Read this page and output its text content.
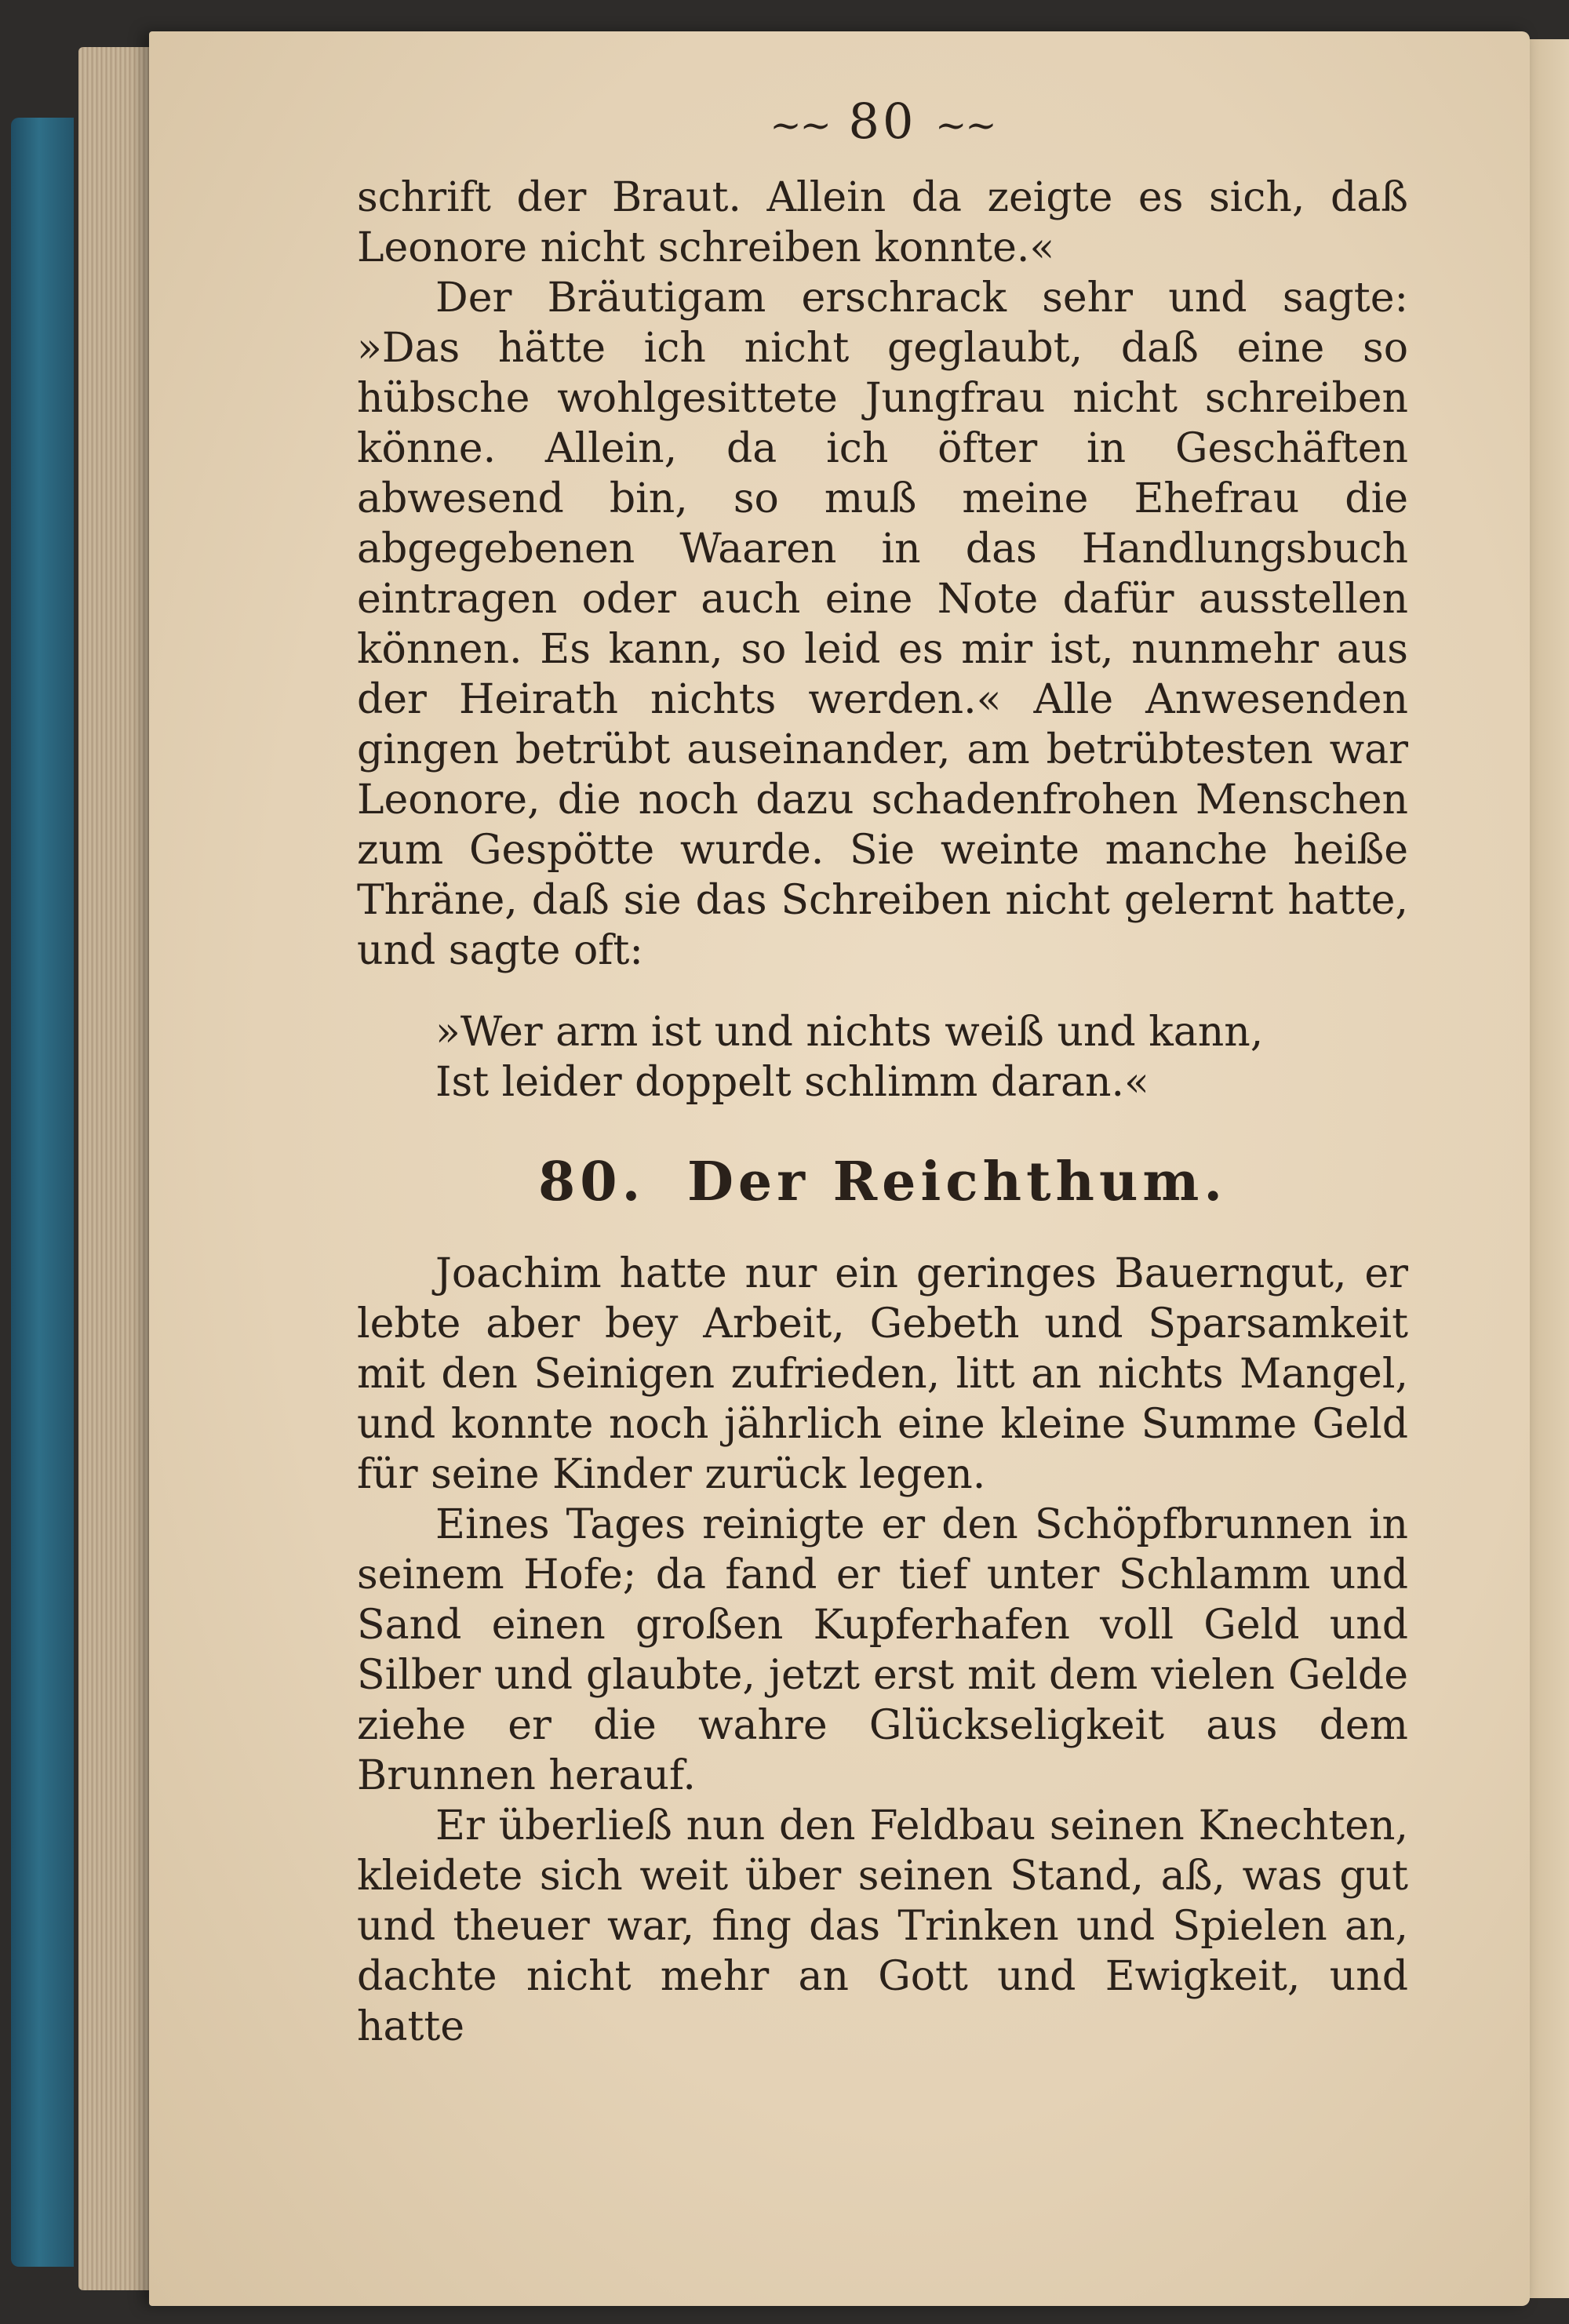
~~ 80 ~~

schrift der Braut. Allein da zeigte es sich, daß Leonore nicht schreiben konnte.«

Der Bräutigam erschrack sehr und sagte: »Das hätte ich nicht geglaubt, daß eine so hübsche wohlgesittete Jungfrau nicht schreiben könne. Allein, da ich öfter in Geschäften abwesend bin, so muß meine Ehefrau die abgegebenen Waaren in das Handlungsbuch eintragen oder auch eine Note dafür ausstellen können. Es kann, so leid es mir ist, nunmehr aus der Heirath nichts werden.« Alle Anwesenden gingen betrübt auseinander, am betrübtesten war Leonore, die noch dazu schadenfrohen Menschen zum Gespötte wurde. Sie weinte manche heiße Thräne, daß sie das Schreiben nicht gelernt hatte, und sagte oft:

»Wer arm ist und nichts weiß und kann,
Ist leider doppelt schlimm daran.«
80. Der Reichthum.

Joachim hatte nur ein geringes Bauerngut, er lebte aber bey Arbeit, Gebeth und Sparsamkeit mit den Seinigen zufrieden, litt an nichts Mangel, und konnte noch jährlich eine kleine Summe Geld für seine Kinder zurück legen.

Eines Tages reinigte er den Schöpfbrunnen in seinem Hofe; da fand er tief unter Schlamm und Sand einen großen Kupferhafen voll Geld und Silber und glaubte, jetzt erst mit dem vielen Gelde ziehe er die wahre Glückseligkeit aus dem Brunnen herauf.

Er überließ nun den Feldbau seinen Knechten, kleidete sich weit über seinen Stand, aß, was gut und theuer war, fing das Trinken und Spielen an, dachte nicht mehr an Gott und Ewigkeit, und hatte
